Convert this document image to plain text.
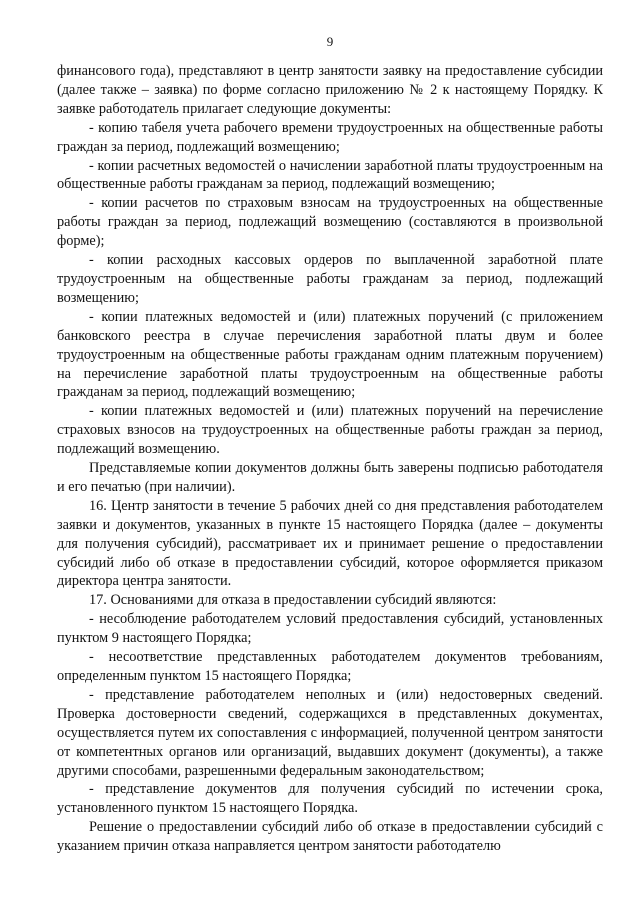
9

финансового года), представляют в центр занятости заявку на предоставление субсидии (далее также – заявка) по форме согласно приложению № 2 к настоящему Порядку. К заявке работодатель прилагает следующие документы:

- копию табеля учета рабочего времени трудоустроенных на общественные работы граждан за период, подлежащий возмещению;

- копии расчетных ведомостей о начислении заработной платы трудоустроенным на общественные работы гражданам за период, подлежащий возмещению;

- копии расчетов по страховым взносам на трудоустроенных на общественные работы граждан за период, подлежащий возмещению (составляются в произвольной форме);

- копии расходных кассовых ордеров по выплаченной заработной плате трудоустроенным на общественные работы гражданам за период, подлежащий возмещению;

- копии платежных ведомостей и (или) платежных поручений (с приложением банковского реестра в случае перечисления заработной платы двум и более трудоустроенным на общественные работы гражданам одним платежным поручением) на перечисление заработной платы трудоустроенным на общественные работы гражданам за период, подлежащий возмещению;

- копии платежных ведомостей и (или) платежных поручений на перечисление страховых взносов на трудоустроенных на общественные работы граждан за период, подлежащий возмещению.

Представляемые копии документов должны быть заверены подписью работодателя и его печатью (при наличии).

16. Центр занятости в течение 5 рабочих дней со дня представления работодателем заявки и документов, указанных в пункте 15 настоящего Порядка (далее – документы для получения субсидий), рассматривает их и принимает решение о предоставлении субсидий либо об отказе в предоставлении субсидий, которое оформляется приказом директора центра занятости.

17. Основаниями для отказа в предоставлении субсидий являются:

- несоблюдение работодателем условий предоставления субсидий, установленных пунктом 9 настоящего Порядка;

- несоответствие представленных работодателем документов требованиям, определенным пунктом 15 настоящего Порядка;

- представление работодателем неполных и (или) недостоверных сведений. Проверка достоверности сведений, содержащихся в представленных документах, осуществляется путем их сопоставления с информацией, полученной центром занятости от компетентных органов или организаций, выдавших документ (документы), а также другими способами, разрешенными федеральным законодательством;

- представление документов для получения субсидий по истечении срока, установленного пунктом 15 настоящего Порядка.

Решение о предоставлении субсидий либо об отказе в предоставлении субсидий с указанием причин отказа направляется центром занятости работодателю
